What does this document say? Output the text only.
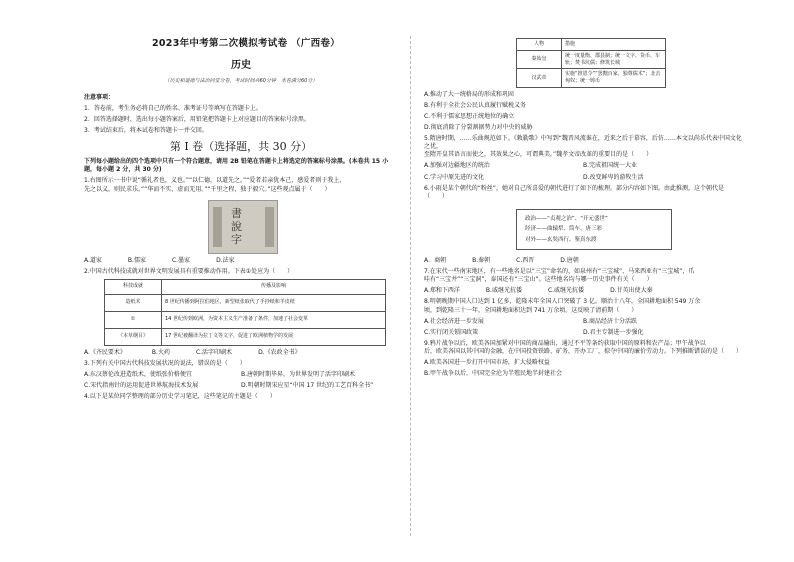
2023年中考第二次模拟考试卷 （广西卷）
历史
（历史和道德与法治同堂分卷，考试时间共60分钟　本卷满分60分）
注意事项：

1．答卷前，考生务必将自己的姓名、准考证号等填写在答题卡上。

2．回答选择题时，选出每小题答案后，用铅笔把答题卡上对应题目的答案标号涂黑。

3．考试结束后，将本试卷和答题卡一并交回。

第 I 卷（选择题，共 30 分）

下列每小题给出的四个选项中只有一个符合题意，请用 2B 铅笔在答题卡上将选定的答案标号涂黑。(本卷共 15 小题，每小题 2 分，共 30 分)

1.右图所示一书中说“循礼者也，义也。”“以仁德，以道先之。”“爱者若亲犹本己，感爱者则于我上，

先之以义，则民求乐。”“华而不实，虚而无用。”“千里之程，独于毅穴。”这些观点属于（　　）

書
說
字
A.道家	B.儒家	C.墨家	D.法家

2.中国古代科技成就对世界文明发展具有重要推动作用。下表①处应为（　　）

科技成就	传播及影响
造纸术	8 世纪传播到阿拉伯地区，新型纸张取代了手抄纸和羊皮纸
①	14 世纪传到欧洲，为资本主义生产准备了条件，加速了社会变革
《本草纲目》	17 世纪被翻译为拉丁文等文字，促进了欧洲植物学的发展
A.《齐民要术》	B.火药	C.活字印刷术	D.《农政全书》

3.下列有关中国古代科技发展状况的说法，错误的是（　　）

A.东汉蔡伦改进造纸术，使纸张价格便宜	B.唐朝时期毕昇，为世界发明了活字印刷术
C.宋代指南针的运用促进世界航海技术发展	D.明朝时期宋应星“中国 17 世纪的工艺百科全书”

4.以下是某位同学整理的部分历史学习笔记，这些笔记的主题是（　　）

人物	措施
秦始皇	统一度量衡、郡县制；统一文字、货币、车轨；焚书坑儒；修筑长城
汉武帝	实施“推恩令”“罢黜百家，独尊儒术”；北击匈奴；统一铸币

A.推动了大一统格局的形成和巩固

B.有利于全社会公民认真履行赋税义务

C.不利于儒家思想正统地位的确立

D.彻底消除了分裂割据势力对中央的威胁

5.隋唐时期，……乐曲规范如下。《敕勒歌》中写到“魏晋风流谁在，近来之后于慕容，后仿……本文以尚乐代表中国文化之优，

至隋开皇其语言而使之，其效果之心，可谓典美。”魏孝文帝改革的重要目的是（　　）

A.加强对边疆地区的统治	B.完成祖国统一大业
C.学习中原先进的文化	D.改变鲜卑的游牧生活

6.小雨是某个朝代的“粉丝”，她对自己所喜爱的朝代进行了如下的梳理。部分内容如下图。由此推测，这个朝代是

（　　）

政治——“贞观之治”、“开元盛世”
经济——曲辕犁、筒车、唐三彩
对外——玄奘西行、鉴真东渡
A．商朝	B.秦朝	C.西晋	D.唐朝

7.在宋代一些南宋地区，有一些地名是以“三宝”命名的，如泉州有“三宝城”、马来西亚有“三宝城”，爪

哇有“三宝井”“三宝洞”，泰国还有“三宝山”。这些地名均与哪一历史事件有关（　　）

A.郑和下西洋	B.戚继光抗倭	C.戚继光抗倭	D.甘英出使大秦

8.明朝晚期中国人口达到 1 亿多，乾隆末年全国人口突破了 3 亿。顺治十八年，全国耕地面积 549 万余

顷，到乾隆三十一年，全国耕地面积达到 741 万余顷。这反映了清前期（　　）

A.社会经济进一步发展	B.商品经济十分活跃
C.实行闭关锁国政策	D.君主专制进一步强化

9.鸦片战争以后，欧美各国加紧对中国的商品输出，通过不平等条约获取中国的原料和农产品；甲午战争以

后，欧美各国以其中国的金融，在中国投资铁路、矿务，开办工厂，掠夺中国的廉价劳动力。下列推断错误的是（　　）

A.欧美各国进一步打开中国市场，扩大侵略权益

B.甲午战争以后，中国完全沦为半殖民地半封建社会
